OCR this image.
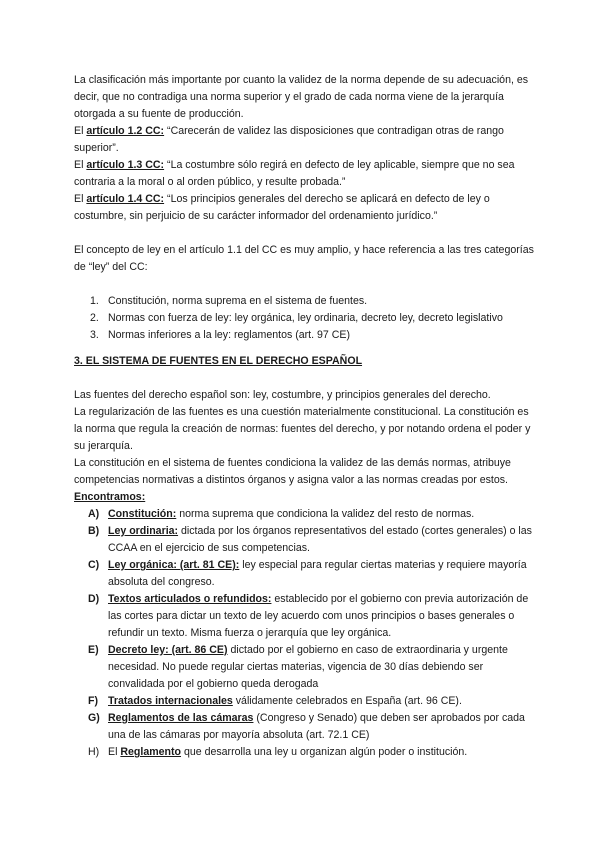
La clasificación más importante por cuanto la validez de la norma depende de su adecuación, es decir, que no contradiga una norma superior y el grado de cada norma viene de la jerarquía otorgada a su fuente de producción.

El artículo 1.2 CC: “Carecerán de validez las disposiciones que contradigan otras de rango superior”.

El artículo 1.3 CC: “La costumbre sólo regirá en defecto de ley aplicable, siempre que no sea contraria a la moral o al orden público, y resulte probada.”

El artículo 1.4 CC: “Los principios generales del derecho se aplicará en defecto de ley o costumbre, sin perjuicio de su carácter informador del ordenamiento jurídico.”

El concepto de ley en el artículo 1.1 del CC es muy amplio, y hace referencia a las tres categorías de “ley” del CC:

1. Constitución, norma suprema en el sistema de fuentes.
2. Normas con fuerza de ley: ley orgánica, ley ordinaria, decreto ley, decreto legislativo
3. Normas inferiores a la ley: reglamentos (art. 97 CE)

3. EL SISTEMA DE FUENTES EN EL DERECHO ESPAÑOL

Las fuentes del derecho español son: ley, costumbre, y principios generales del derecho.

La regularización de las fuentes es una cuestión materialmente constitucional. La constitución es la norma que regula la creación de normas: fuentes del derecho, y por notando ordena el poder y su jerarquía.

La constitución en el sistema de fuentes condiciona la validez de las demás normas, atribuye competencias normativas a distintos órganos y asigna valor a las normas creadas por estos.

Encontramos:

A) Constitución: norma suprema que condiciona la validez del resto de normas.
B) Ley ordinaria: dictada por los órganos representativos del estado (cortes generales) o las CCAA en el ejercicio de sus competencias.
C) Ley orgánica: (art. 81 CE): ley especial para regular ciertas materias y requiere mayoría absoluta del congreso.
D) Textos articulados o refundidos: establecido por el gobierno con previa autorización de las cortes para dictar un texto de ley acuerdo com unos principios o bases generales o refundir un texto. Misma fuerza o jerarquía que ley orgánica.
E) Decreto ley: (art. 86 CE) dictado por el gobierno en caso de extraordinaria y urgente necesidad. No puede regular ciertas materias, vigencia de 30 días debiendo ser convalidada por el gobierno queda derogada
F) Tratados internacionales válidamente celebrados en España (art. 96 CE).
G) Reglamentos de las cámaras (Congreso y Senado) que deben ser aprobados por cada una de las cámaras por mayoría absoluta (art. 72.1 CE)
H) El Reglamento que desarrolla una ley u organizan algún poder o institución.
